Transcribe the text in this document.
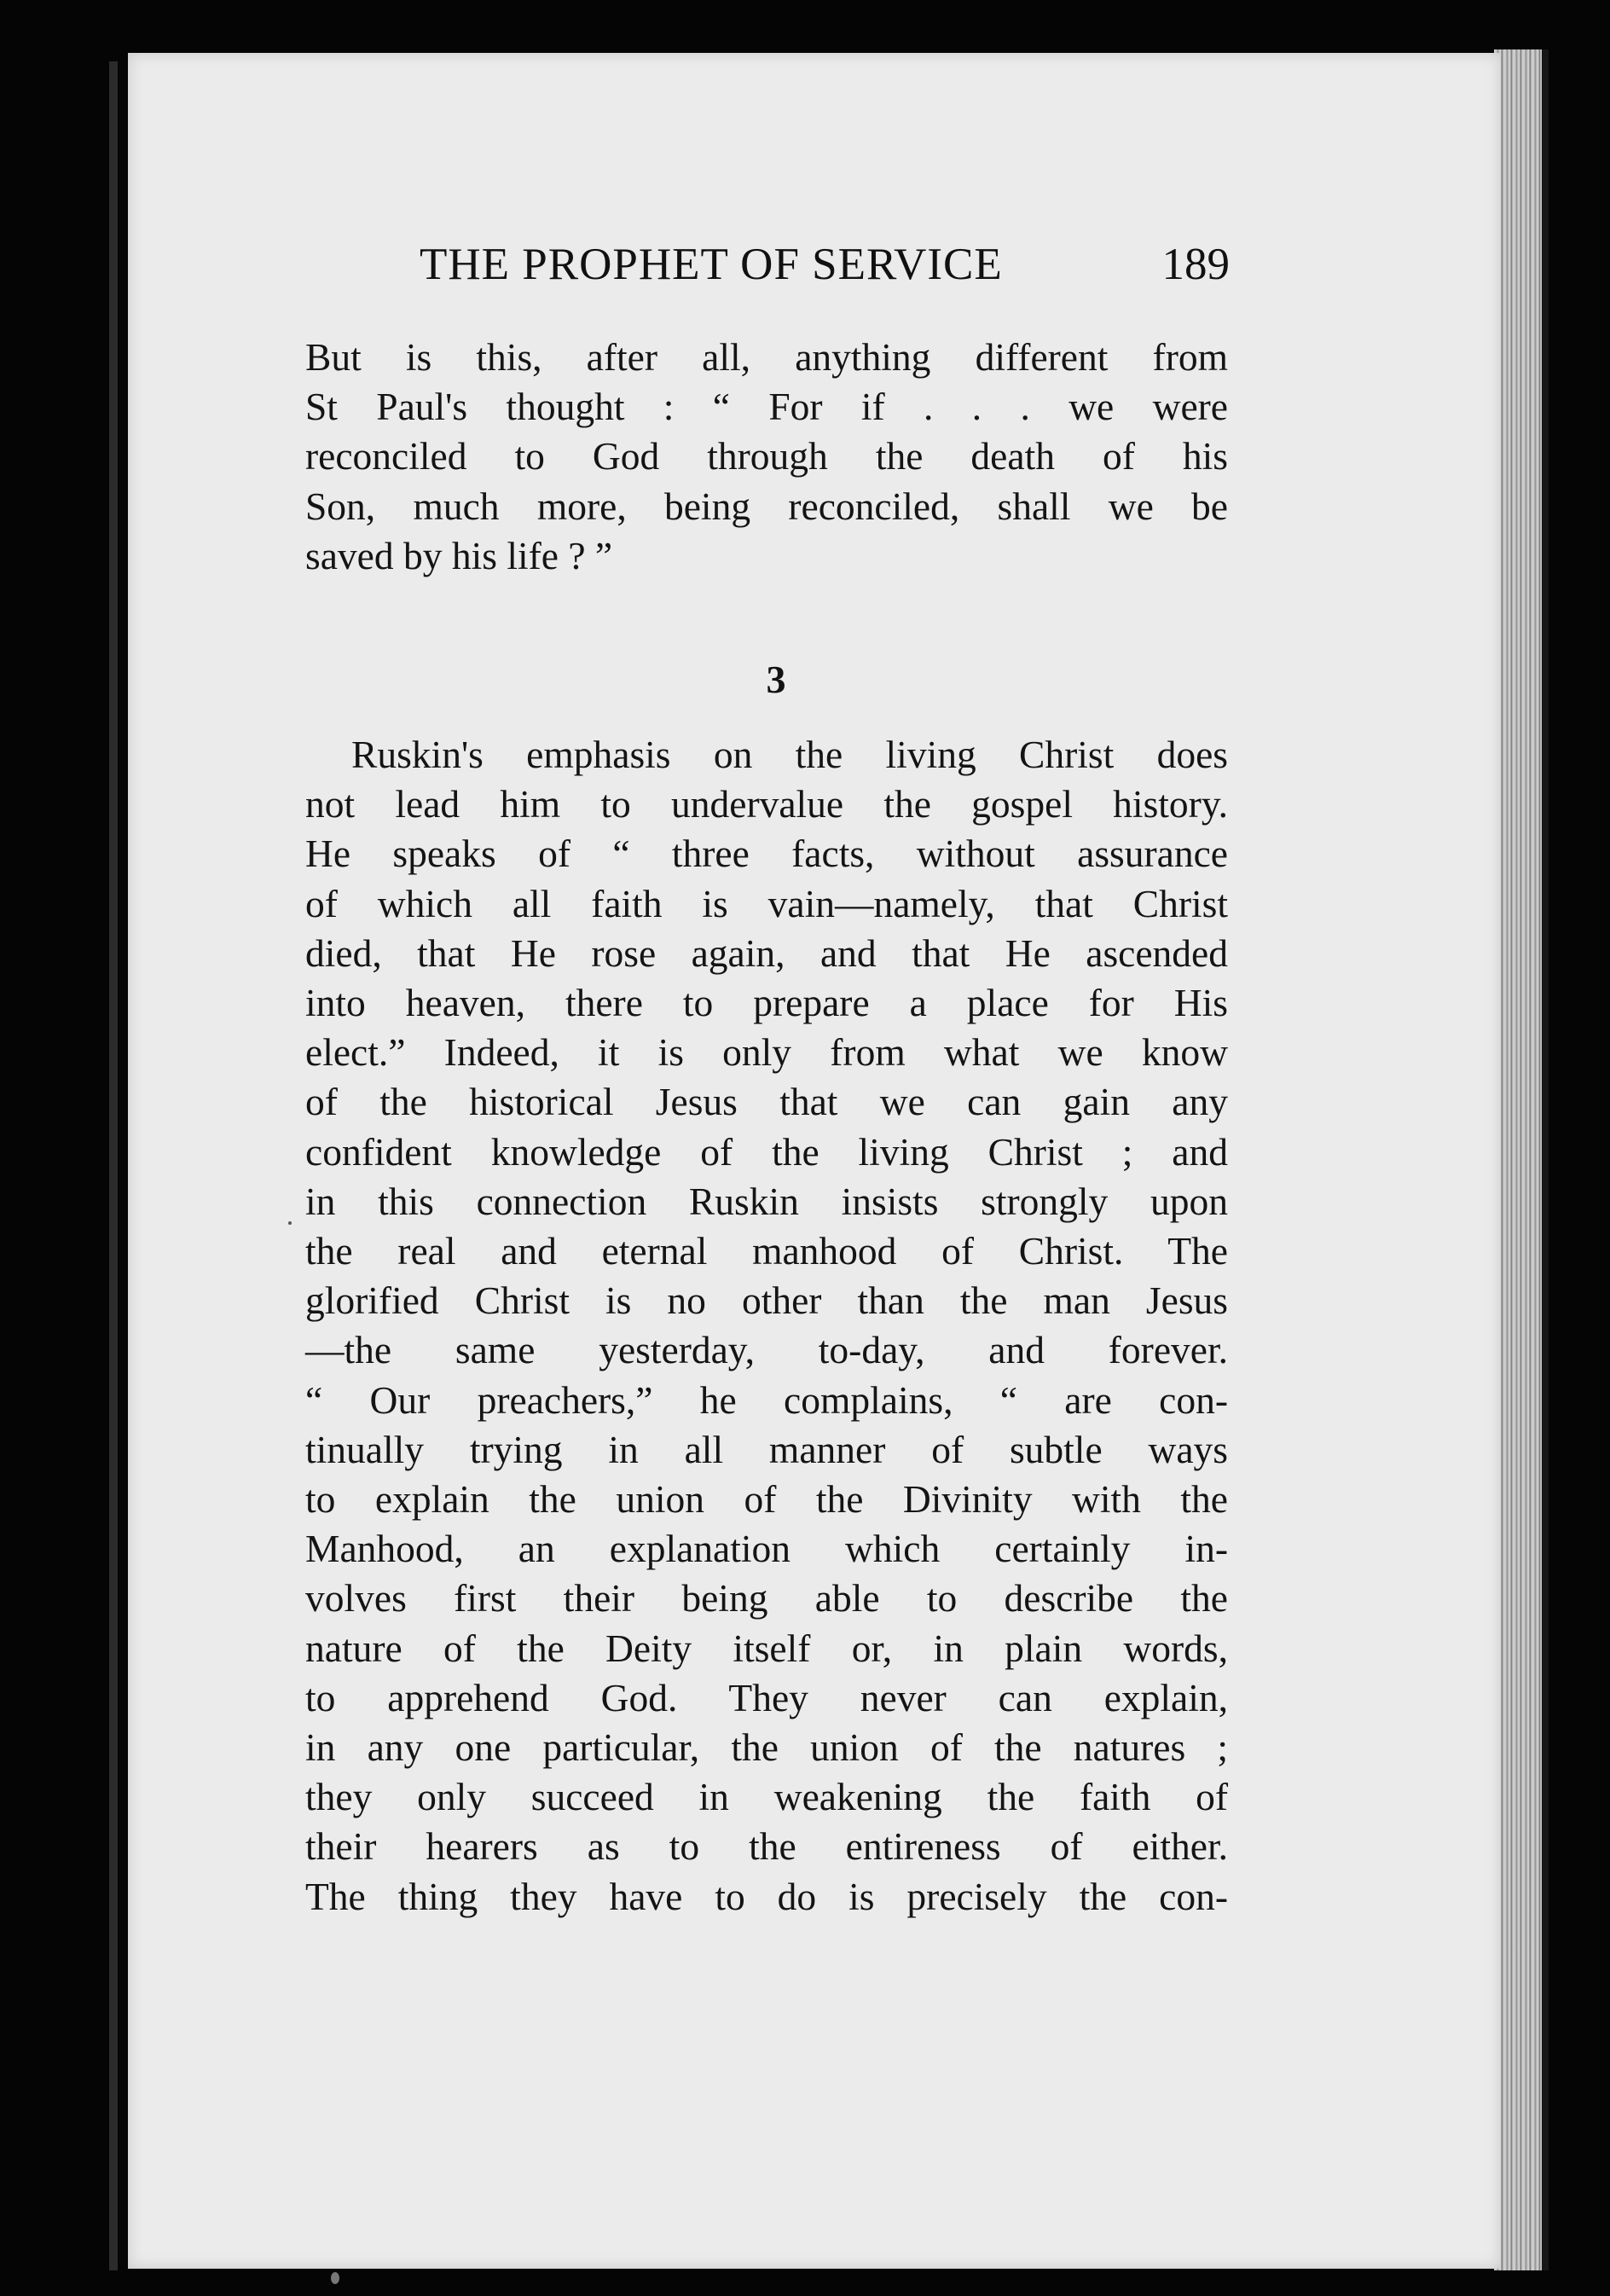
THE PROPHET OF SERVICE	189
But is this, after all, anything different from
St Paul's thought : “ For if . . . we were
reconciled to God through the death of his
Son, much more, being reconciled, shall we be
saved by his life ? ”
3
Ruskin's emphasis on the living Christ does
not lead him to undervalue the gospel history.
He speaks of “ three facts, without assurance
of which all faith is vain—namely, that Christ
died, that He rose again, and that He ascended
into heaven, there to prepare a place for His
elect.” Indeed, it is only from what we know
of the historical Jesus that we can gain any
confident knowledge of the living Christ ; and
in this connection Ruskin insists strongly upon
the real and eternal manhood of Christ. The
glorified Christ is no other than the man Jesus
—the same yesterday, to-day, and forever.
“ Our preachers,” he complains, “ are con-
tinually trying in all manner of subtle ways
to explain the union of the Divinity with the
Manhood, an explanation which certainly in-
volves first their being able to describe the
nature of the Deity itself or, in plain words,
to apprehend God. They never can explain,
in any one particular, the union of the natures ;
they only succeed in weakening the faith of
their hearers as to the entireness of either.
The thing they have to do is precisely the con-
